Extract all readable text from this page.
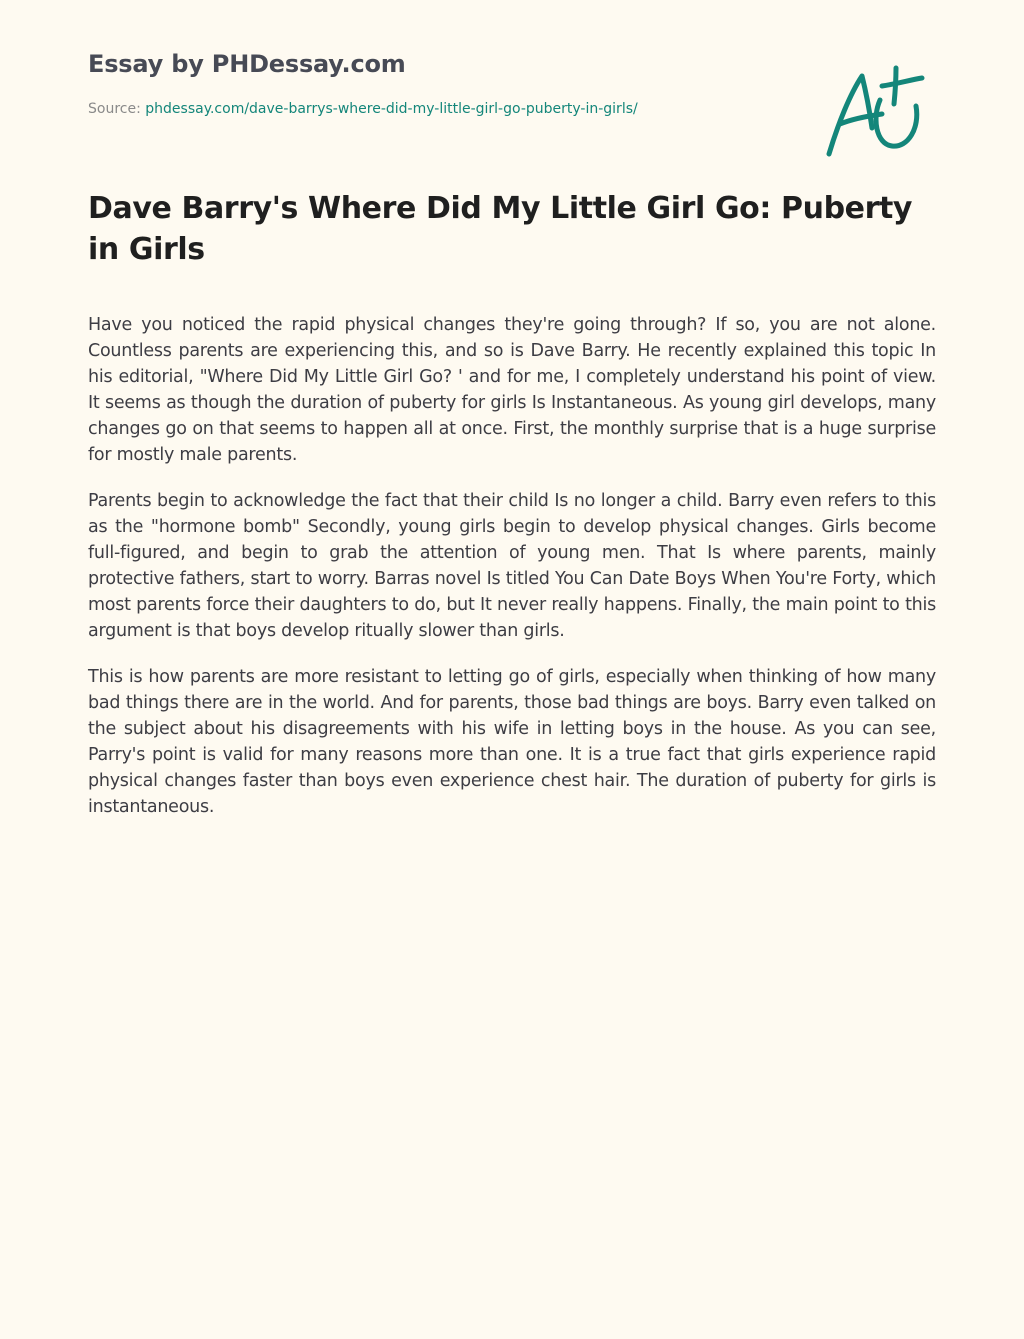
Essay by PHDessay.com
Source: phdessay.com/dave-barrys-where-did-my-little-girl-go-puberty-in-girls/
Dave Barry's Where Did My Little Girl Go: Puberty in Girls

Have you noticed the rapid physical changes they're going through? If so, you are not alone. Countless parents are experiencing this, and so is Dave Barry. He recently explained this topic In his editorial, "Where Did My Little Girl Go? ' and for me, I completely understand his point of view. It seems as though the duration of puberty for girls Is Instantaneous. As young girl develops, many changes go on that seems to happen all at once. First, the monthly surprise that is a huge surprise for mostly male parents.

Parents begin to acknowledge the fact that their child Is no longer a child. Barry even refers to this as the "hormone bomb" Secondly, young girls begin to develop physical changes. Girls become full-figured, and begin to grab the attention of young men. That Is where parents, mainly protective fathers, start to worry. Barras novel Is titled You Can Date Boys When You're Forty, which most parents force their daughters to do, but It never really happens. Finally, the main point to this argument is that boys develop ritually slower than girls.

This is how parents are more resistant to letting go of girls, especially when thinking of how many bad things there are in the world. And for parents, those bad things are boys. Barry even talked on the subject about his disagreements with his wife in letting boys in the house. As you can see, Parry's point is valid for many reasons more than one. It is a true fact that girls experience rapid physical changes faster than boys even experience chest hair. The duration of puberty for girls is instantaneous.
